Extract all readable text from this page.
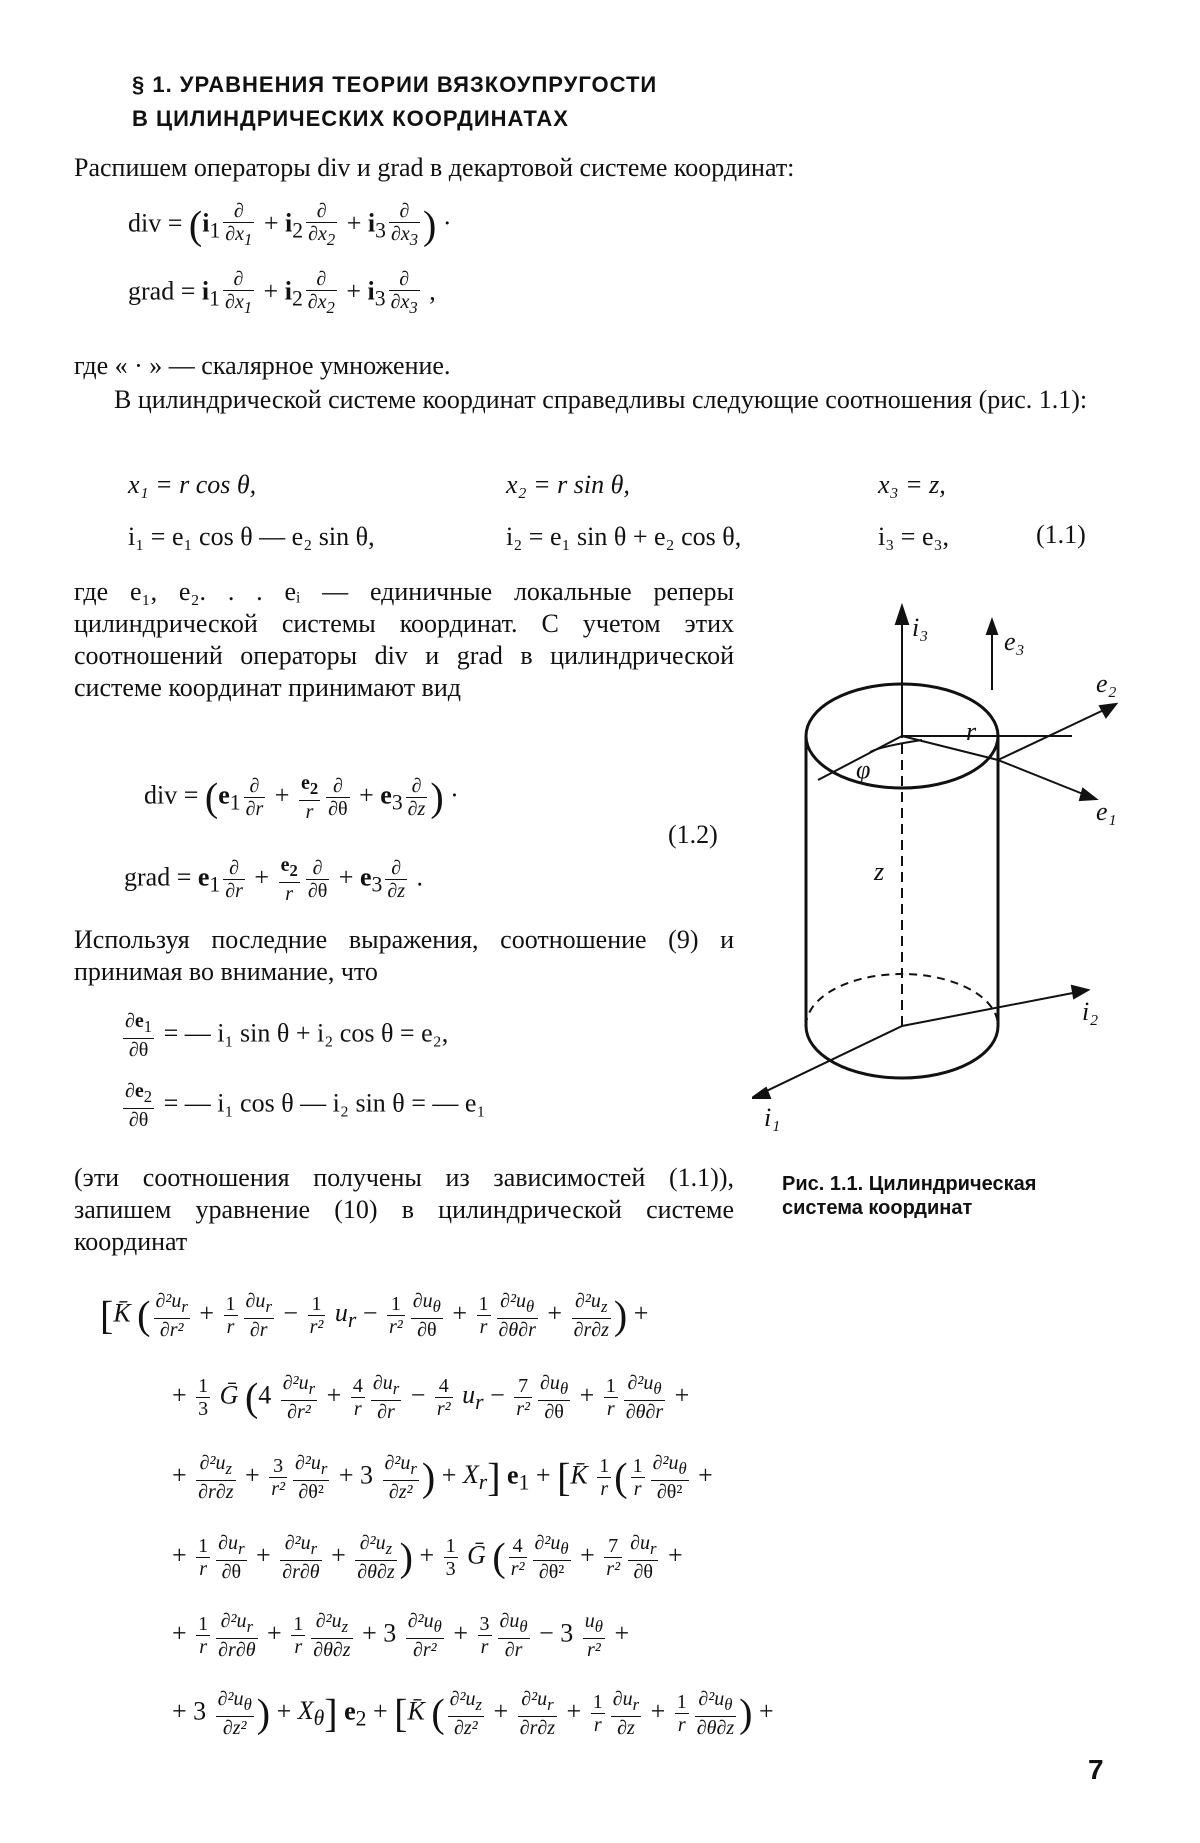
§ 1. УРАВНЕНИЯ ТЕОРИИ ВЯЗКОУПРУГОСТИ
В ЦИЛИНДРИЧЕСКИХ КООРДИНАТАХ
Распишем операторы div и grad в декартовой системе координат:
div = ($i_1 \frac{\partial}{\partial x_1} + i_2 \frac{\partial}{\partial x_2} + i_3 \frac{\partial}{\partial x_3}$ ) ·
grad = $i_1 \frac{\partial}{\partial x_1} + i_2 \frac{\partial}{\partial x_2} + i_3 \frac{\partial}{\partial x_3}$ ,
где « · » — скалярное умножение.
В цилиндрической системе координат справедливы следующие соотношения (рис. 1.1):
x₁ = r cos θ,	x₂ = r sin θ,	x₃ = z,
i₁ = e₁ cos θ — e₂ sin θ,	i₂ = e₁ sin θ + e₂ cos θ,	i₃ = e₃,	(1.1)
где e₁, e₂. . . eᵢ — единичные локальные реперы цилиндрической системы координат. С учетом этих соотношений операторы div и grad в цилиндрической системе координат принимают вид
div = ($e_1 \frac{\partial}{\partial r} + \frac{e_2}{r} \frac{\partial}{\partial\theta} + e_3 \frac{\partial}{\partial z}$ ) ·
grad = $e_1 \frac{\partial}{\partial r} + \frac{e_2}{r} \frac{\partial}{\partial\theta} + e_3 \frac{\partial}{\partial z}$ .
(1.2)
Используя последние выражения, соотношение (9) и принимая во внимание, что
$\frac{\partial e_1}{\partial\theta}$ = — i₁ sin θ + i₂ cos θ = e₂,
$\frac{\partial e_2}{\partial\theta}$ = — i₁ cos θ — i₂ sin θ = — e₁
(эти соотношения получены из зависимостей (1.1)), запишем уравнение (10) в цилиндрической системе координат
[K̄ ( $\frac{\partial^2u_r}{\text{∂r²}} + \frac{1}{r} \frac{\partial u_r}{\partial r} - \frac{1}{\text{r²}} u_r - \frac{1}{\text{r²}} \frac{\partial u_\theta}{\partial\theta} + \frac{1}{r} \frac{\partial^2u_\theta}{\partial\theta\partial r} + \frac{\partial^2u_z}{\partial r\partial z}$ ) +
+ $\frac{1}{3}$ Ḡ ($4 \frac{\partial^2u_r}{\text{∂r²}} + \frac{4}{r} \frac{\partial u_r}{\partial r} - \frac{4}{\text{r²}} u_r - \frac{7}{\text{r²}} \frac{\partial u_\theta}{\partial\theta} + \frac{1}{r} \frac{\partial^2u_\theta}{\partial\theta\partial r}$ +
+ $\frac{\partial^2u_z}{\partial r\partial z} + \frac{3}{\text{r²}} \frac{\partial^2u_r}{\text{∂θ²}} + 3 \frac{\partial^2u_r}{\text{∂z²}}$ ) + $X_r$] $e_1$ + [K̄ $\frac{1}{r}$ ( $\frac{1}{r} \frac{\partial^2u_\theta}{\text{∂θ²}}$ +
+ $\frac{1}{r} \frac{\partial u_r}{\partial\theta} + \frac{\partial^2u_r}{\partial r\partial\theta} + \frac{\partial^2u_z}{\partial\theta\partial z}$ ) + $\frac{1}{3}$ Ḡ ( $\frac{4}{\text{r²}} \frac{\partial^2u_\theta}{\text{∂θ²}} + \frac{7}{\text{r²}} \frac{\partial u_r}{\partial\theta}$ +
+ $\frac{1}{r} \frac{\partial^2u_r}{\partial r\partial\theta} + \frac{1}{r} \frac{\partial^2u_z}{\partial\theta\partial z} + 3 \frac{\partial^2u_\theta}{\text{∂r²}} + \frac{3}{r} \frac{\partial u_\theta}{\partial r} - 3 \frac{u_\theta}{\text{r²}}$ +
+ $3 \frac{\partial^2u_\theta}{\text{∂z²}}$ ) + $X_\theta$] $e_2$ + [K̄ ( $\frac{\partial^2u_z}{\text{∂z²}} + \frac{\partial^2u_r}{\partial r\partial z} + \frac{1}{r} \frac{\partial u_r}{\partial z} + \frac{1}{r} \frac{\partial^2u_\theta}{\partial\theta\partial z}$ ) +
i₃	e₃
e₂
e₁
r
φ
z
i₂
i₁
Рис. 1.1. Цилиндрическая система координат
7
